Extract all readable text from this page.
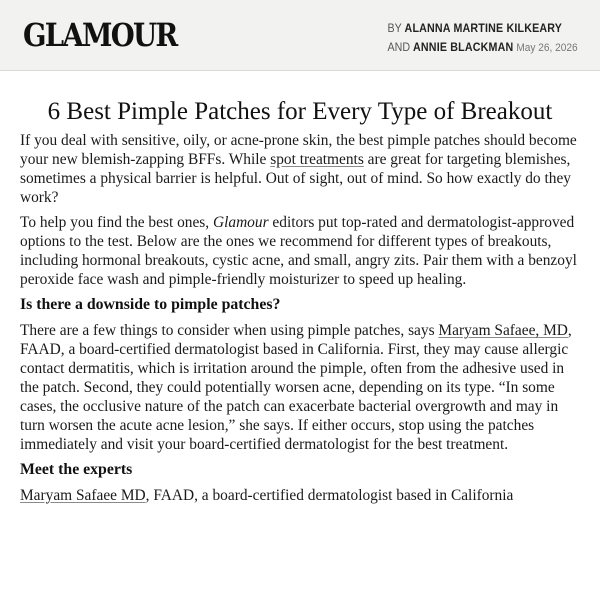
GLAMOUR	BY ALANNA MARTINE KILKEARY
AND ANNIE BLACKMAN May 26, 2026
6 Best Pimple Patches for Every Type of Breakout

If you deal with sensitive, oily, or acne-prone skin, the best pimple patches should become your new blemish-zapping BFFs. While spot treatments are great for targeting blemishes, sometimes a physical barrier is helpful. Out of sight, out of mind. So how exactly do they work?

To help you find the best ones, Glamour editors put top-rated and dermatologist-approved options to the test. Below are the ones we recommend for different types of breakouts, including hormonal breakouts, cystic acne, and small, angry zits. Pair them with a benzoyl peroxide face wash and pimple-friendly moisturizer to speed up healing.

Is there a downside to pimple patches?

There are a few things to consider when using pimple patches, says Maryam Safaee, MD, FAAD, a board-certified dermatologist based in California. First, they may cause allergic contact dermatitis, which is irritation around the pimple, often from the adhesive used in the patch. Second, they could potentially worsen acne, depending on its type. “In some cases, the occlusive nature of the patch can exacerbate bacterial overgrowth and may in turn worsen the acute acne lesion,” she says. If either occurs, stop using the patches immediately and visit your board-certified dermatologist for the best treatment.

Meet the experts

Maryam Safaee MD, FAAD, a board-certified dermatologist based in California
